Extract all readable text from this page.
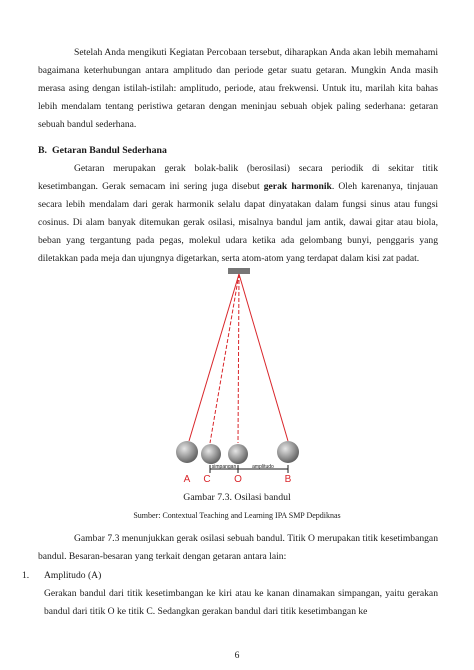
Setelah Anda mengikuti Kegiatan Percobaan tersebut, diharapkan Anda akan lebih memahami bagaimana keterhubungan antara amplitudo dan periode getar suatu getaran. Mungkin Anda masih merasa asing dengan istilah-istilah: amplitudo, periode, atau frekwensi. Untuk itu, marilah kita bahas lebih mendalam tentang peristiwa getaran dengan meninjau sebuah objek paling sederhana: getaran sebuah bandul sederhana.

B. Getaran Bandul Sederhana

Getaran merupakan gerak bolak-balik (berosilasi) secara periodik di sekitar titik kesetimbangan. Gerak semacam ini sering juga disebut gerak harmonik. Oleh karenanya, tinjauan secara lebih mendalam dari gerak harmonik selalu dapat dinyatakan dalam fungsi sinus atau fungsi cosinus. Di alam banyak ditemukan gerak osilasi, misalnya bandul jam antik, dawai gitar atau biola, beban yang tergantung pada pegas, molekul udara ketika ada gelombang bunyi, penggaris yang diletakkan pada meja dan ujungnya digetarkan, serta atom-atom yang terdapat dalam kisi zat padat.

simpangan	amplitudo
A C O	B

Gambar 7.3. Osilasi bandul

Sumber: Contextual Teaching and Learning IPA SMP Depdiknas

Gambar 7.3 menunjukkan gerak osilasi sebuah bandul. Titik O merupakan titik kesetimbangan bandul. Besaran-besaran yang terkait dengan getaran antara lain:

1. Amplitudo (A)

Gerakan bandul dari titik kesetimbangan ke kiri atau ke kanan dinamakan simpangan, yaitu gerakan bandul dari titik O ke titik C. Sedangkan gerakan bandul dari titik kesetimbangan ke

6
